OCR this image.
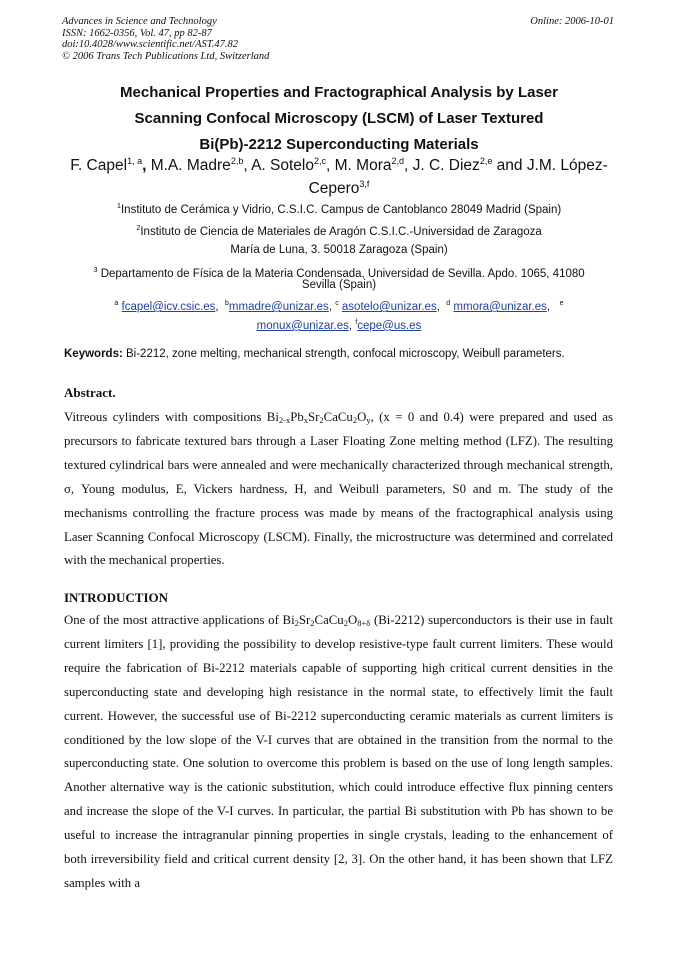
Advances in Science and Technology
ISSN: 1662-0356, Vol. 47, pp 82-87
doi:10.4028/www.scientific.net/AST.47.82
© 2006 Trans Tech Publications Ltd, Switzerland
Online: 2006-10-01
Mechanical Properties and Fractographical Analysis by Laser
Scanning Confocal Microscopy (LSCM) of Laser Textured
Bi(Pb)-2212 Superconducting Materials
F. Capel$^{1, a}$, M.A. Madre$^{2,b}$, A. Sotelo$^{2,c}$, M. Mora$^{2,d}$, J. C. Diez$^{2,e}$ and J.M. López-Cepero$^{3,f}$
$^1$Instituto de Cerámica y Vidrio, C.S.I.C. Campus de Cantoblanco 28049 Madrid (Spain)
$^2$Instituto de Ciencia de Materiales de Aragón C.S.I.C.-Universidad de Zaragoza
María de Luna, 3. 50018 Zaragoza (Spain)
$^3$ Departamento de Física de la Materia Condensada, Universidad de Sevilla. Apdo. 1065, 41080
Sevilla (Spain)
$^a$ fcapel@icv.csic.es,  $^b$mmadre@unizar.es, $^c$ asotelo@unizar.es,  $^d$ mmora@unizar.es,   $^e$
monux@unizar.es, $^f$cepe@us.es
Keywords: Bi-2212, zone melting, mechanical strength, confocal microscopy, Weibull parameters.
Abstract.
Vitreous cylinders with compositions $Bi_{2-x}Pb_xSr_2CaCu_2O_y$, (x = 0 and 0.4) were prepared and used as precursors to fabricate textured bars through a Laser Floating Zone melting method (LFZ). The resulting textured cylindrical bars were annealed and were mechanically characterized through mechanical strength, σ, Young modulus, E, Vickers hardness, H, and Weibull parameters, S0 and m. The study of the mechanisms controlling the fracture process was made by means of the fractographical analysis using Laser Scanning Confocal Microscopy (LSCM). Finally, the microstructure was determined and correlated with the mechanical properties.
INTRODUCTION
One of the most attractive applications of $Bi_2Sr_2CaCu_2O_{8+\delta}$ (Bi-2212) superconductors is their use in fault current limiters [1], providing the possibility to develop resistive-type fault current limiters. These would require the fabrication of Bi-2212 materials capable of supporting high critical current densities in the superconducting state and developing high resistance in the normal state, to effectively limit the fault current. However, the successful use of Bi-2212 superconducting ceramic materials as current limiters is conditioned by the low slope of the V-I curves that are obtained in the transition from the normal to the superconducting state. One solution to overcome this problem is based on the use of long length samples. Another alternative way is the cationic substitution, which could introduce effective flux pinning centers and increase the slope of the V-I curves. In particular, the partial Bi substitution with Pb has shown to be useful to increase the intragranular pinning properties in single crystals, leading to the enhancement of both irreversibility field and critical current density [2, 3]. On the other hand, it has been shown that LFZ samples with a
